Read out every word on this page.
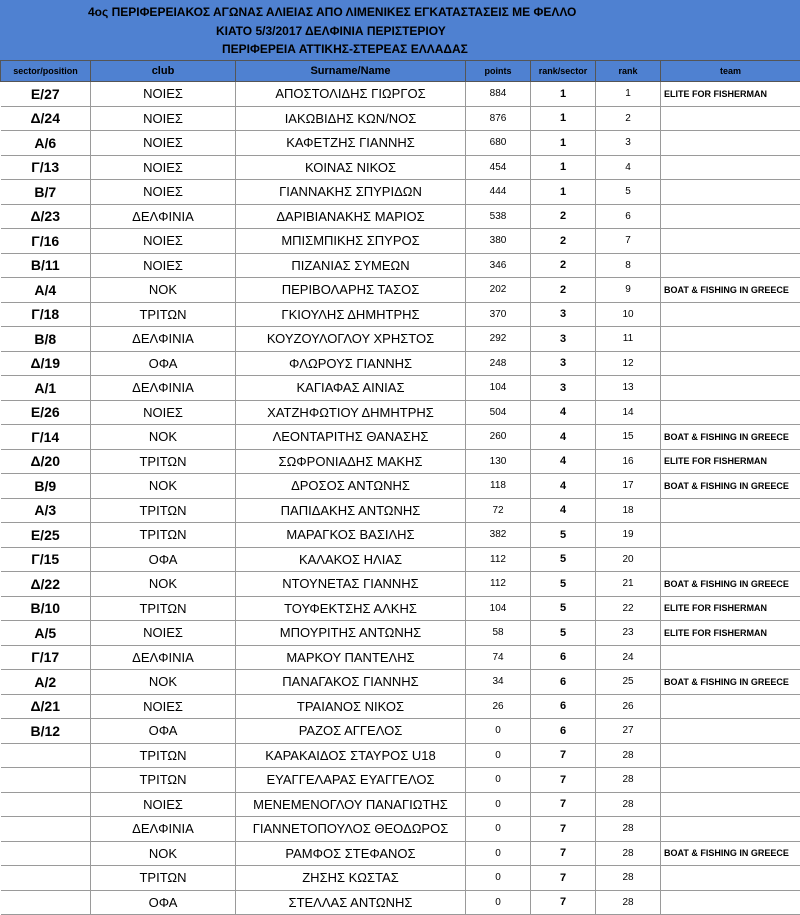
4ος ΠΕΡΙΦΕΡΕΙΑΚΟΣ ΑΓΩΝΑΣ ΑΛΙΕΙΑΣ ΑΠΟ ΛΙΜΕΝΙΚΕΣ ΕΓΚΑΤΑΣΤΑΣΕΙΣ ΜΕ ΦΕΛΛΟ
ΚΙΑΤΟ 5/3/2017 ΔΕΛΦΙΝΙΑ ΠΕΡΙΣΤΕΡΙΟΥ
ΠΕΡΙΦΕΡΕΙΑ ΑΤΤΙΚΗΣ-ΣΤΕΡΕΑΣ ΕΛΛΑΔΑΣ
sector/position	club	Surname/Name	points	rank/sector	rank	team
Ε/27	ΝΟΙΕΣ	ΑΠΟΣΤΟΛΙΔΗΣ ΓΙΩΡΓΟΣ	884	1	1	ELITE FOR FISHERMAN
Δ/24	ΝΟΙΕΣ	ΙΑΚΩΒΙΔΗΣ ΚΩΝ/ΝΟΣ	876	1	2	
Α/6	ΝΟΙΕΣ	ΚΑΦΕΤΖΗΣ ΓΙΑΝΝΗΣ	680	1	3	
Γ/13	ΝΟΙΕΣ	ΚΟΙΝΑΣ ΝΙΚΟΣ	454	1	4	
Β/7	ΝΟΙΕΣ	ΓΙΑΝΝΑΚΗΣ ΣΠΥΡΙΔΩΝ	444	1	5	
Δ/23	ΔΕΛΦΙΝΙΑ	ΔΑΡΙΒΙΑΝΑΚΗΣ ΜΑΡΙΟΣ	538	2	6	
Γ/16	ΝΟΙΕΣ	ΜΠΙΣΜΠΙΚΗΣ ΣΠΥΡΟΣ	380	2	7	
Β/11	ΝΟΙΕΣ	ΠΙΖΑΝΙΑΣ ΣΥΜΕΩΝ	346	2	8	
Α/4	ΝΟΚ	ΠΕΡΙΒΟΛΑΡΗΣ ΤΑΣΟΣ	202	2	9	BOAT & FISHING IN GREECE
Γ/18	ΤΡΙΤΩΝ	ΓΚΙΟΥΛΗΣ ΔΗΜΗΤΡΗΣ	370	3	10	
Β/8	ΔΕΛΦΙΝΙΑ	ΚΟΥΖΟΥΛΟΓΛΟΥ ΧΡΗΣΤΟΣ	292	3	11	
Δ/19	ΟΦΑ	ΦΛΩΡΟΥΣ ΓΙΑΝΝΗΣ	248	3	12	
Α/1	ΔΕΛΦΙΝΙΑ	ΚΑΓΙΑΦΑΣ ΑΙΝΙΑΣ	104	3	13	
Ε/26	ΝΟΙΕΣ	ΧΑΤΖΗΦΩΤΙΟΥ ΔΗΜΗΤΡΗΣ	504	4	14	
Γ/14	ΝΟΚ	ΛΕΟΝΤΑΡΙΤΗΣ ΘΑΝΑΣΗΣ	260	4	15	BOAT & FISHING IN GREECE
Δ/20	ΤΡΙΤΩΝ	ΣΩΦΡΟΝΙΑΔΗΣ ΜΑΚΗΣ	130	4	16	ELITE FOR FISHERMAN
Β/9	ΝΟΚ	ΔΡΟΣΟΣ ΑΝΤΩΝΗΣ	118	4	17	BOAT & FISHING IN GREECE
Α/3	ΤΡΙΤΩΝ	ΠΑΠΙΔΑΚΗΣ ΑΝΤΩΝΗΣ	72	4	18	
Ε/25	ΤΡΙΤΩΝ	ΜΑΡΑΓΚΟΣ ΒΑΣΙΛΗΣ	382	5	19	
Γ/15	ΟΦΑ	ΚΑΛΑΚΟΣ ΗΛΙΑΣ	112	5	20	
Δ/22	ΝΟΚ	ΝΤΟΥΝΕΤΑΣ ΓΙΑΝΝΗΣ	112	5	21	BOAT & FISHING IN GREECE
Β/10	ΤΡΙΤΩΝ	ΤΟΥΦΕΚΤΣΗΣ ΑΛΚΗΣ	104	5	22	ELITE FOR FISHERMAN
Α/5	ΝΟΙΕΣ	ΜΠΟΥΡΙΤΗΣ ΑΝΤΩΝΗΣ	58	5	23	ELITE FOR FISHERMAN
Γ/17	ΔΕΛΦΙΝΙΑ	ΜΑΡΚΟΥ ΠΑΝΤΕΛΗΣ	74	6	24	
Α/2	ΝΟΚ	ΠΑΝΑΓΑΚΟΣ ΓΙΑΝΝΗΣ	34	6	25	BOAT & FISHING IN GREECE
Δ/21	ΝΟΙΕΣ	ΤΡΑΙΑΝΟΣ ΝΙΚΟΣ	26	6	26	
Β/12	ΟΦΑ	ΡΑΖΟΣ ΑΓΓΕΛΟΣ	0	6	27	
	ΤΡΙΤΩΝ	ΚΑΡΑΚΑΙΔΟΣ ΣΤΑΥΡΟΣ U18	0	7	28	
	ΤΡΙΤΩΝ	ΕΥΑΓΓΕΛΑΡΑΣ ΕΥΑΓΓΕΛΟΣ	0	7	28	
	ΝΟΙΕΣ	ΜΕΝΕΜΕΝΟΓΛΟΥ ΠΑΝΑΓΙΩΤΗΣ	0	7	28	
	ΔΕΛΦΙΝΙΑ	ΓΙΑΝΝΕΤΟΠΟΥΛΟΣ ΘΕΟΔΩΡΟΣ	0	7	28	
	ΝΟΚ	ΡΑΜΦΟΣ ΣΤΕΦΑΝΟΣ	0	7	28	BOAT & FISHING IN GREECE
	ΤΡΙΤΩΝ	ΖΗΣΗΣ ΚΩΣΤΑΣ	0	7	28	
	ΟΦΑ	ΣΤΕΛΛΑΣ ΑΝΤΩΝΗΣ	0	7	28	
